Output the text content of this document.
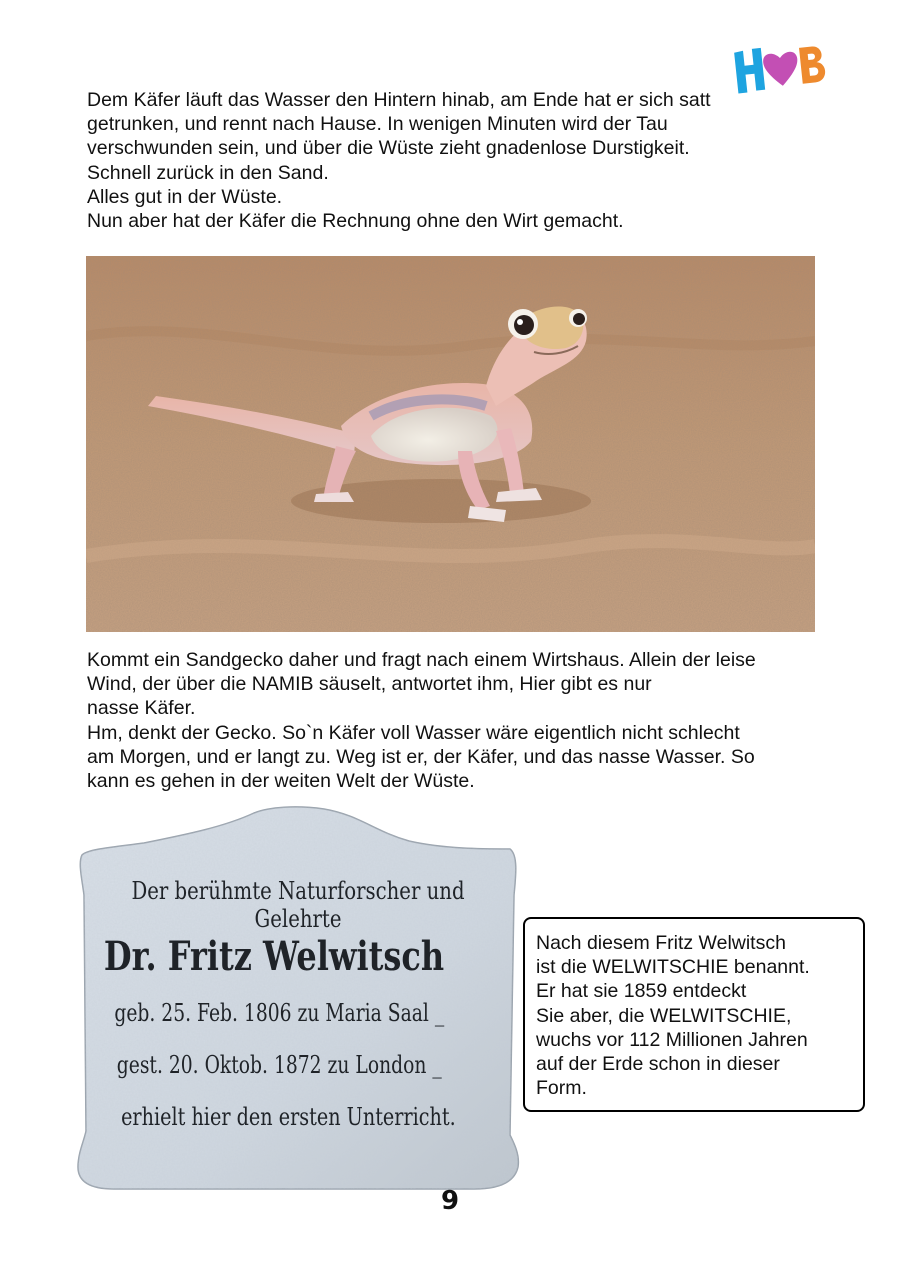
Dem Käfer läuft das Wasser den Hintern hinab, am Ende hat er sich satt
getrunken, und rennt nach Hause. In wenigen Minuten wird der Tau
verschwunden sein, und über die Wüste zieht gnadenlose Durstigkeit.
Schnell zurück in den Sand.
Alles gut in der Wüste.
Nun aber hat der Käfer die Rechnung ohne den Wirt gemacht.
Kommt ein Sandgecko daher und fragt nach einem Wirtshaus. Allein der leise
Wind, der über die NAMIB säuselt, antwortet ihm, Hier gibt es nur
nasse Käfer.
Hm, denkt der Gecko. So`n Käfer voll Wasser wäre eigentlich nicht schlecht
am Morgen, und er langt zu. Weg ist er, der Käfer, und das nasse Wasser. So
kann es gehen in der weiten Welt der Wüste.
Der berühmte Naturforscher und Gelehrte
Dr. Fritz Welwitsch
geb. 25. Feb. 1806 zu Maria Saal _
gest. 20. Oktob. 1872 zu London _
erhielt hier den ersten Unterricht.
Nach diesem Fritz Welwitsch
ist die WELWITSCHIE benannt.
Er hat sie 1859 entdeckt
Sie aber, die WELWITSCHIE,
wuchs vor 112 Millionen Jahren
auf der Erde schon in dieser
Form.
9
